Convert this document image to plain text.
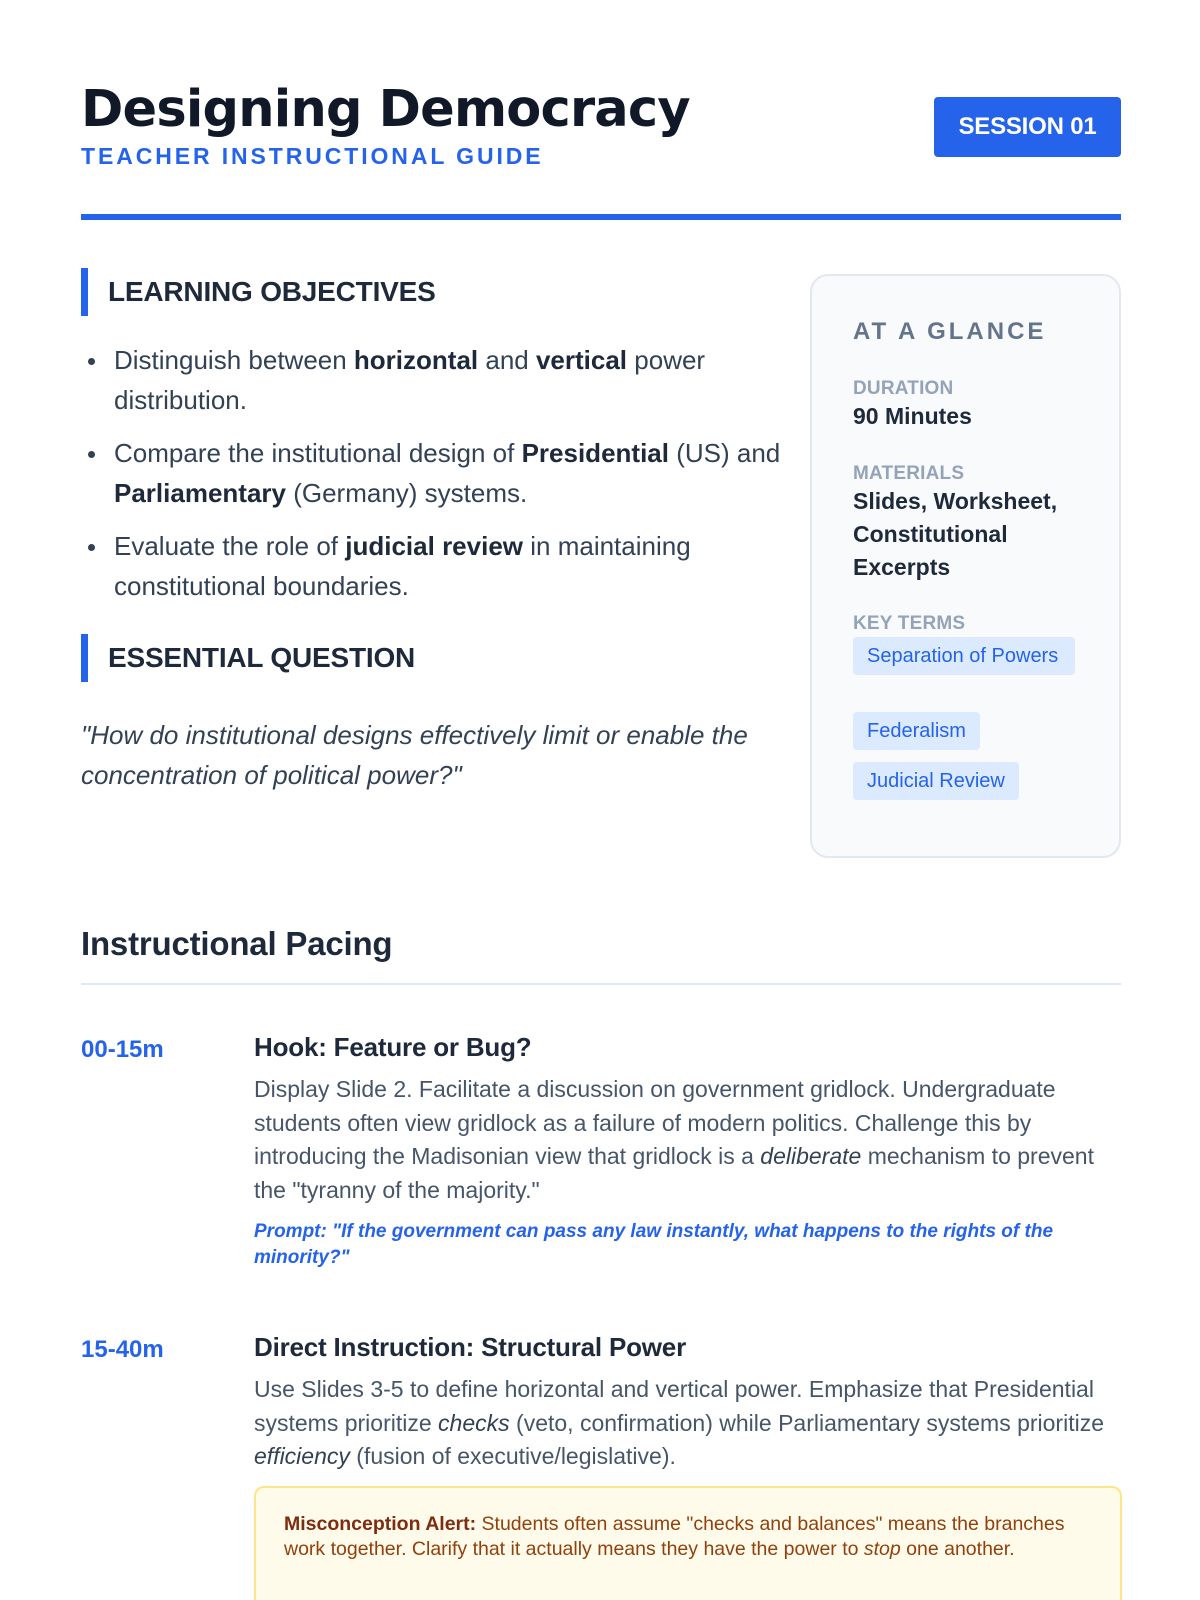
Designing Democracy
TEACHER INSTRUCTIONAL GUIDE
SESSION 01
LEARNING OBJECTIVES
Distinguish between horizontal and vertical power distribution.
Compare the institutional design of Presidential (US) and Parliamentary (Germany) systems.
Evaluate the role of judicial review in maintaining constitutional boundaries.
ESSENTIAL QUESTION

"How do institutional designs effectively limit or enable the concentration of political power?"

AT A GLANCE
DURATION
90 Minutes
MATERIALS
Slides, Worksheet, Constitutional Excerpts
KEY TERMS
Separation of Powers
Federalism
Judicial Review
Instructional Pacing
00-15m	Hook: Feature or Bug?

Display Slide 2. Facilitate a discussion on government gridlock. Undergraduate students often view gridlock as a failure of modern politics. Challenge this by introducing the Madisonian view that gridlock is a deliberate mechanism to prevent the "tyranny of the majority."

Prompt: "If the government can pass any law instantly, what happens to the rights of the minority?"

15-40m	Direct Instruction: Structural Power

Use Slides 3-5 to define horizontal and vertical power. Emphasize that Presidential systems prioritize checks (veto, confirmation) while Parliamentary systems prioritize efficiency (fusion of executive/legislative).

Misconception Alert: Students often assume "checks and balances" means the branches work together. Clarify that it actually means they have the power to stop one another.
